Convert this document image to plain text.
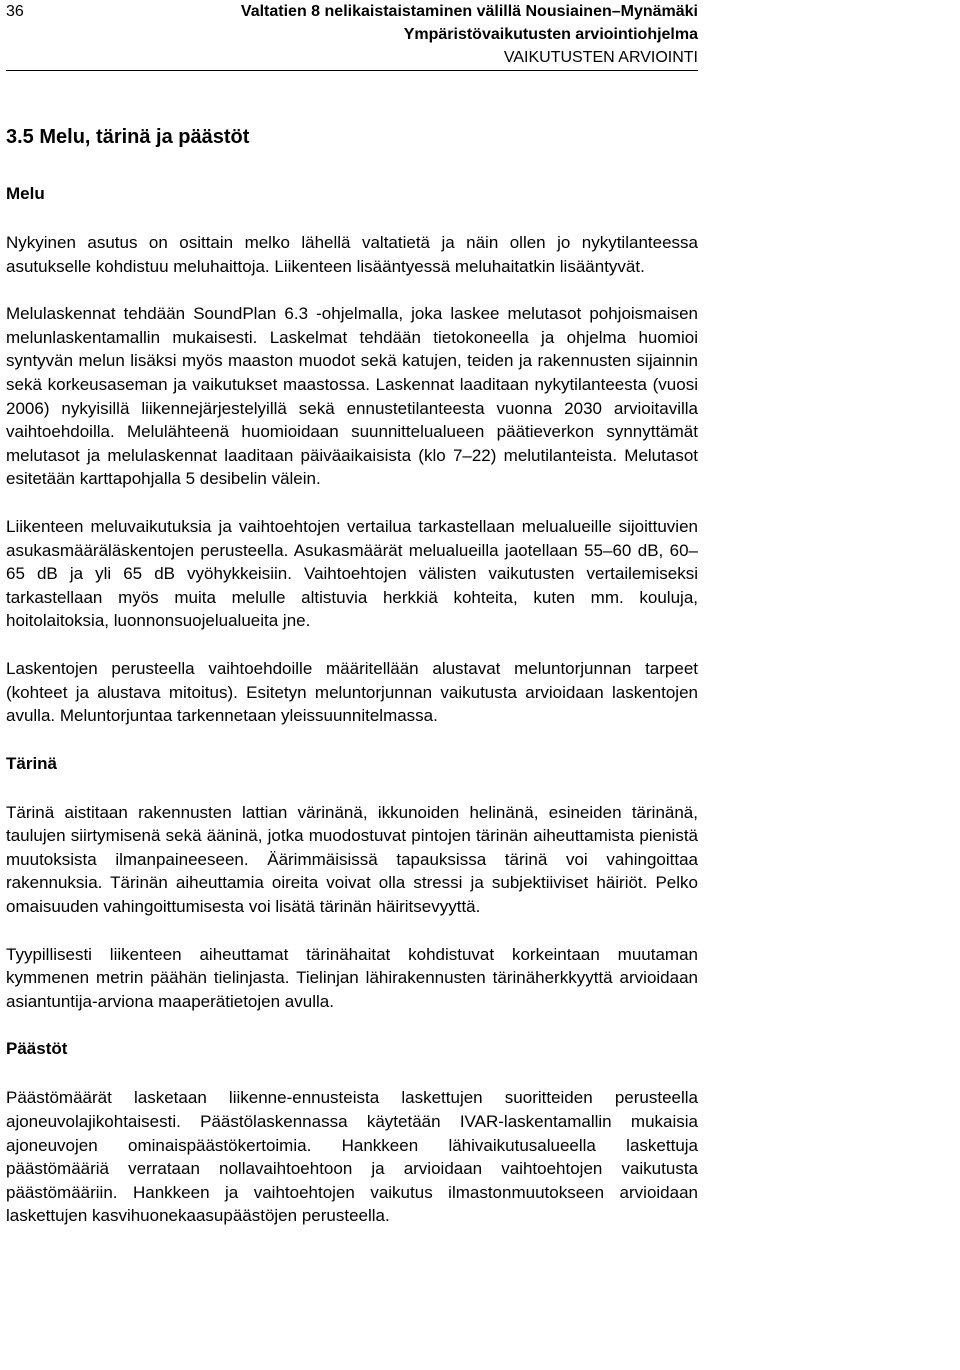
36	Valtatien 8 nelikaistaistaminen välillä Nousiainen–Mynämäki
Ympäristövaikutusten arviointiohjelma
VAIKUTUSTEN ARVIOINTI
3.5 Melu, tärinä ja päästöt
Melu

Nykyinen asutus on osittain melko lähellä valtatietä ja näin ollen jo nykytilanteessa asutukselle kohdistuu meluhaittoja. Liikenteen lisääntyessä meluhaitatkin lisääntyvät.

Melulaskennat tehdään SoundPlan 6.3 -ohjelmalla, joka laskee melutasot pohjoismaisen melunlaskentamallin mukaisesti. Laskelmat tehdään tietokoneella ja ohjelma huomioi syntyvän melun lisäksi myös maaston muodot sekä katujen, teiden ja rakennusten sijainnin sekä korkeusaseman ja vaikutukset maastossa. Laskennat laaditaan nykytilanteesta (vuosi 2006) nykyisillä liikennejärjestelyillä sekä ennustetilanteesta vuonna 2030 arvioitavilla vaihtoehdoilla. Melulähteenä huomioidaan suunnittelualueen päätieverkon synnyttämät melutasot ja melulaskennat laaditaan päiväaikaisista (klo 7–22) melutilanteista. Melutasot esitetään karttapohjalla 5 desibelin välein.

Liikenteen meluvaikutuksia ja vaihtoehtojen vertailua tarkastellaan melualueille sijoittuvien asukasmääräläskentojen perusteella. Asukasmäärät melualueilla jaotellaan 55–60 dB, 60–65 dB ja yli 65 dB vyöhykkeisiin. Vaihtoehtojen välisten vaikutusten vertailemiseksi tarkastellaan myös muita melulle altistuvia herkkiä kohteita, kuten mm. kouluja, hoitolaitoksia, luonnonsuojelualueita jne.

Laskentojen perusteella vaihtoehdoille määritellään alustavat meluntorjunnan tarpeet (kohteet ja alustava mitoitus). Esitetyn meluntorjunnan vaikutusta arvioidaan laskentojen avulla. Meluntorjuntaa tarkennetaan yleissuunnitelmassa.

Tärinä

Tärinä aistitaan rakennusten lattian värinänä, ikkunoiden helinänä, esineiden tärinänä, taulujen siirtymisenä sekä ääninä, jotka muodostuvat pintojen tärinän aiheuttamista pienistä muutoksista ilmanpaineeseen. Äärimmäisissä tapauksissa tärinä voi vahingoittaa rakennuksia. Tärinän aiheuttamia oireita voivat olla stressi ja subjektiiviset häiriöt. Pelko omaisuuden vahingoittumisesta voi lisätä tärinän häiritsevyyttä.

Tyypillisesti liikenteen aiheuttamat tärinähaitat kohdistuvat korkeintaan muutaman kymmenen metrin päähän tielinjasta. Tielinjan lähirakennusten tärinäherkkyyttä arvioidaan asiantuntija-arviona maaperätietojen avulla.

Päästöt

Päästömäärät lasketaan liikenne-ennusteista laskettujen suoritteiden perusteella ajoneuvolajikohtaisesti. Päästölaskennassa käytetään IVAR-laskentamallin mukaisia ajoneuvojen ominaispäästökertoimia. Hankkeen lähivaikutusalueella laskettuja päästömääriä verrataan nollavaihtoehtoon ja arvioidaan vaihtoehtojen vaikutusta päästömääriin. Hankkeen ja vaihtoehtojen vaikutus ilmastonmuutokseen arvioidaan laskettujen kasvihuonekaasupäästöjen perusteella.
